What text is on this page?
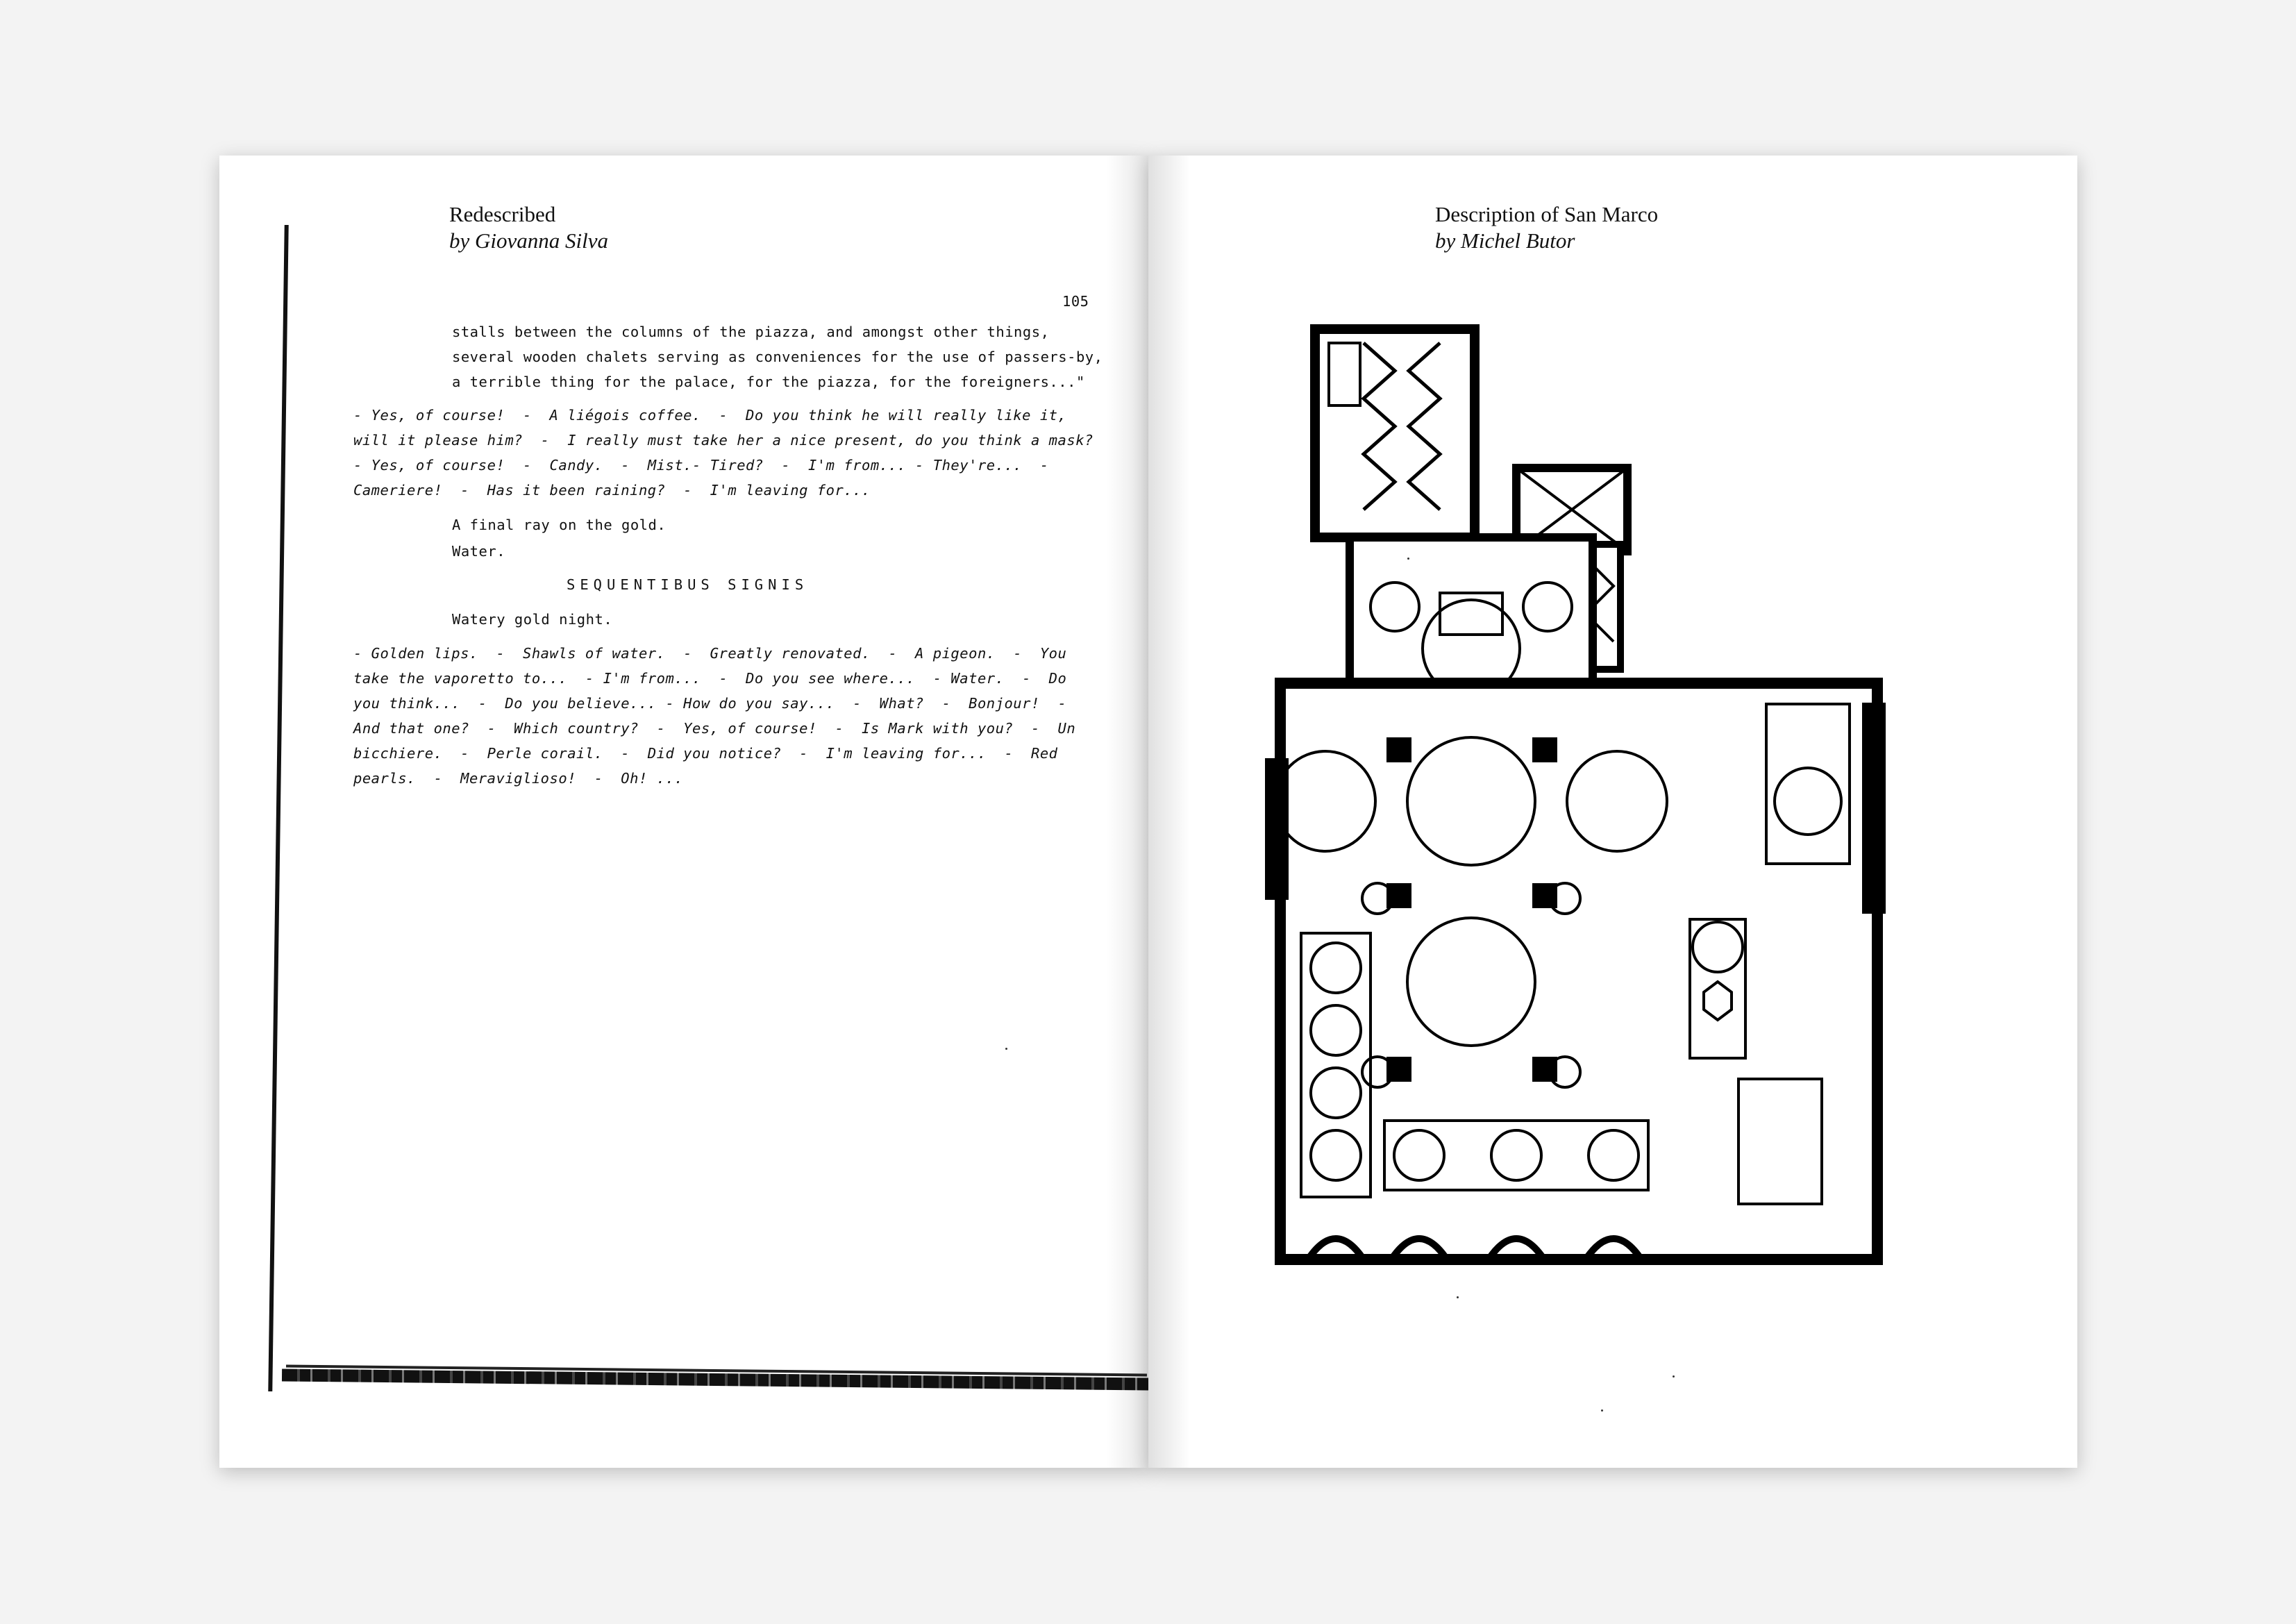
Redescribed
by Giovanna Silva
105
stalls between the columns of the piazza, and amongst other things,
several wooden chalets serving as conveniences for the use of passers-by,
a terrible thing for the palace, for the piazza, for the foreigners..."
- Yes, of course!  -  A liégois coffee.  -  Do you think he will really like it,
will it please him?  -  I really must take her a nice present, do you think a mask?
- Yes, of course!  -  Candy.  -  Mist.- Tired?  -  I'm from... - They're...  -
Cameriere!  -  Has it been raining?  -  I'm leaving for...
A final ray on the gold.
Water.
SEQUENTIBUS SIGNIS
Watery gold night.
- Golden lips.  -  Shawls of water.  -  Greatly renovated.  -  A pigeon.  -  You
take the vaporetto to...  - I'm from...  -  Do you see where...  - Water.  -  Do
you think...  -  Do you believe... - How do you say...  -  What?  -  Bonjour!  -
And that one?  -  Which country?  -  Yes, of course!  -  Is Mark with you?  -  Un
bicchiere.  -  Perle corail.  -  Did you notice?  -  I'm leaving for...  -  Red
pearls.  -  Meraviglioso!  -  Oh! ...
Description of San Marco
by Michel Butor
